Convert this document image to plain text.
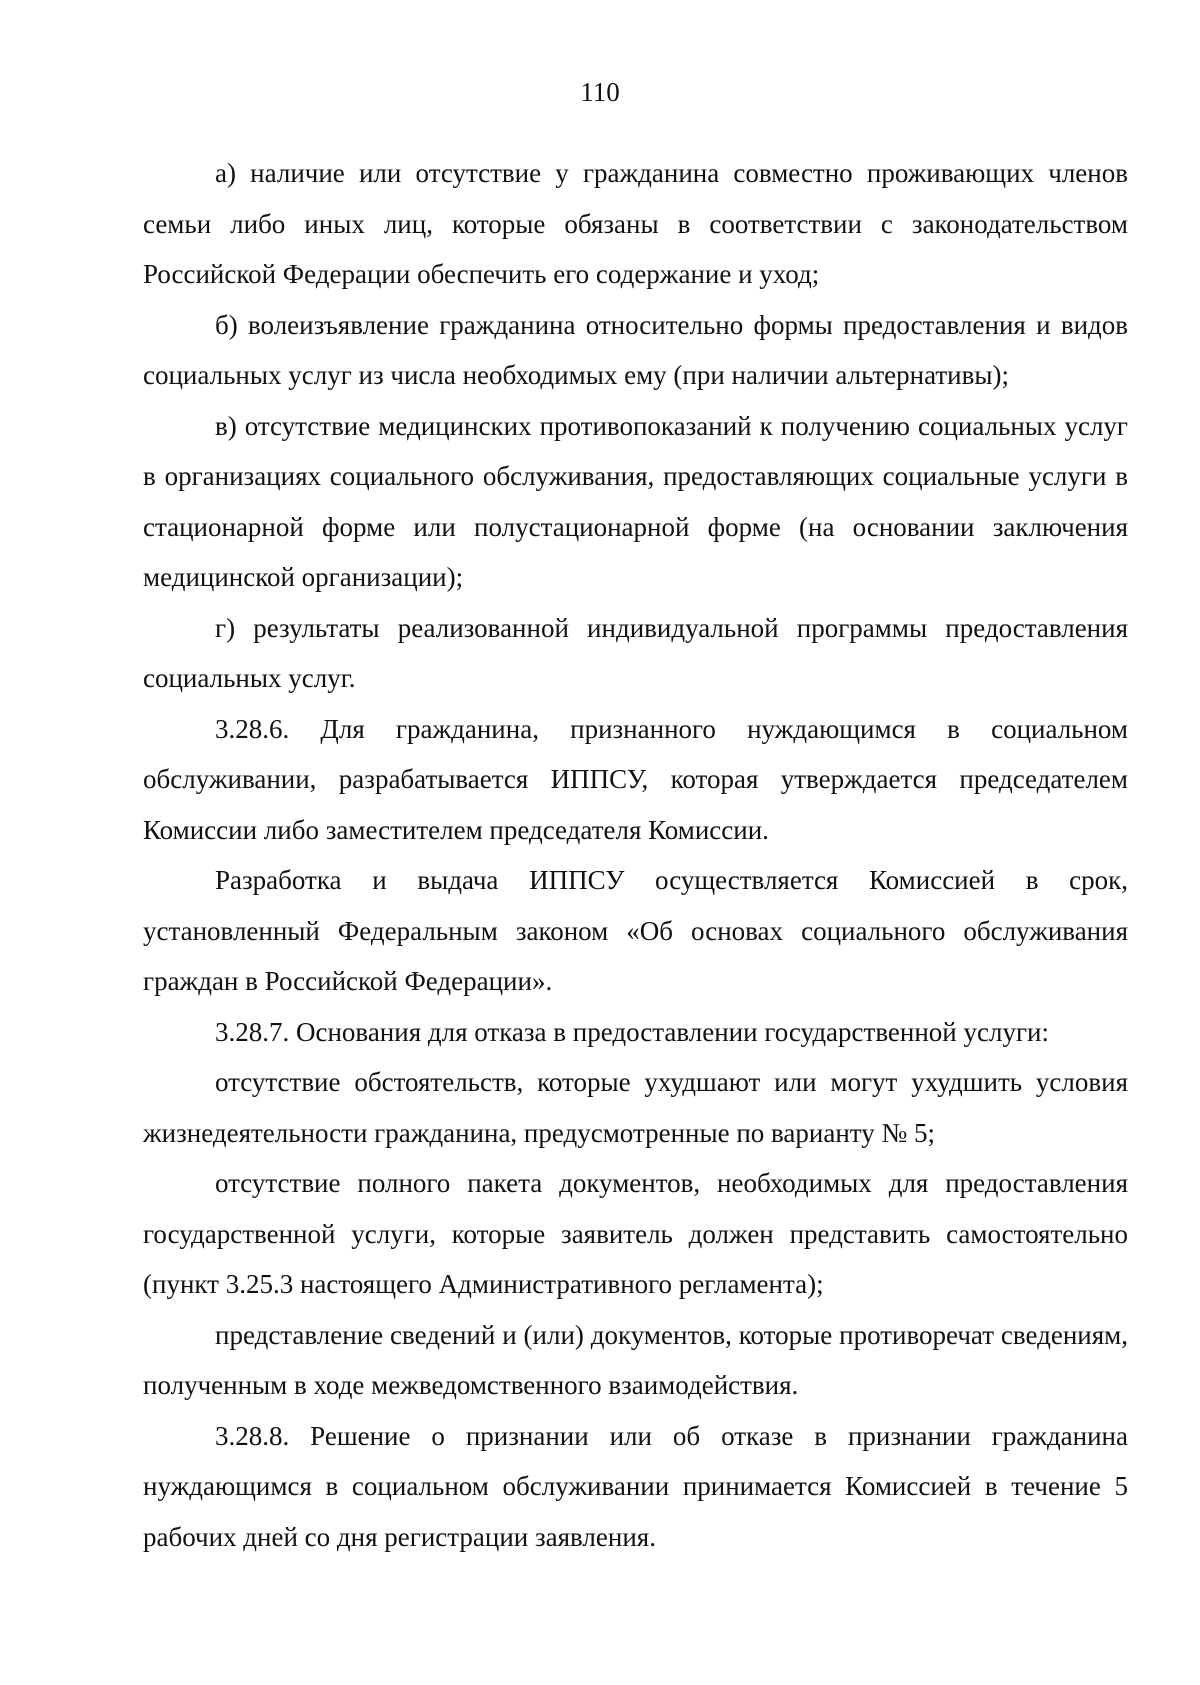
110

а) наличие или отсутствие у гражданина совместно проживающих членов семьи либо иных лиц, которые обязаны в соответствии с законодательством Российской Федерации обеспечить его содержание и уход;

б) волеизъявление гражданина относительно формы предоставления и видов социальных услуг из числа необходимых ему (при наличии альтернативы);

в) отсутствие медицинских противопоказаний к получению социальных услуг в организациях социального обслуживания, предоставляющих социальные услуги в стационарной форме или полустационарной форме (на основании заключения медицинской организации);

г) результаты реализованной индивидуальной программы предоставления социальных услуг.

3.28.6. Для гражданина, признанного нуждающимся в социальном обслуживании, разрабатывается ИППСУ, которая утверждается председателем Комиссии либо заместителем председателя Комиссии.

Разработка и выдача ИППСУ осуществляется Комиссией в срок, установленный Федеральным законом «Об основах социального обслуживания граждан в Российской Федерации».

3.28.7. Основания для отказа в предоставлении государственной услуги:

отсутствие обстоятельств, которые ухудшают или могут ухудшить условия жизнедеятельности гражданина, предусмотренные по варианту № 5;

отсутствие полного пакета документов, необходимых для предоставления государственной услуги, которые заявитель должен представить самостоятельно (пункт 3.25.3 настоящего Административного регламента);

представление сведений и (или) документов, которые противоречат сведениям, полученным в ходе межведомственного взаимодействия.

3.28.8. Решение о признании или об отказе в признании гражданина нуждающимся в социальном обслуживании принимается Комиссией в течение 5 рабочих дней со дня регистрации заявления.
